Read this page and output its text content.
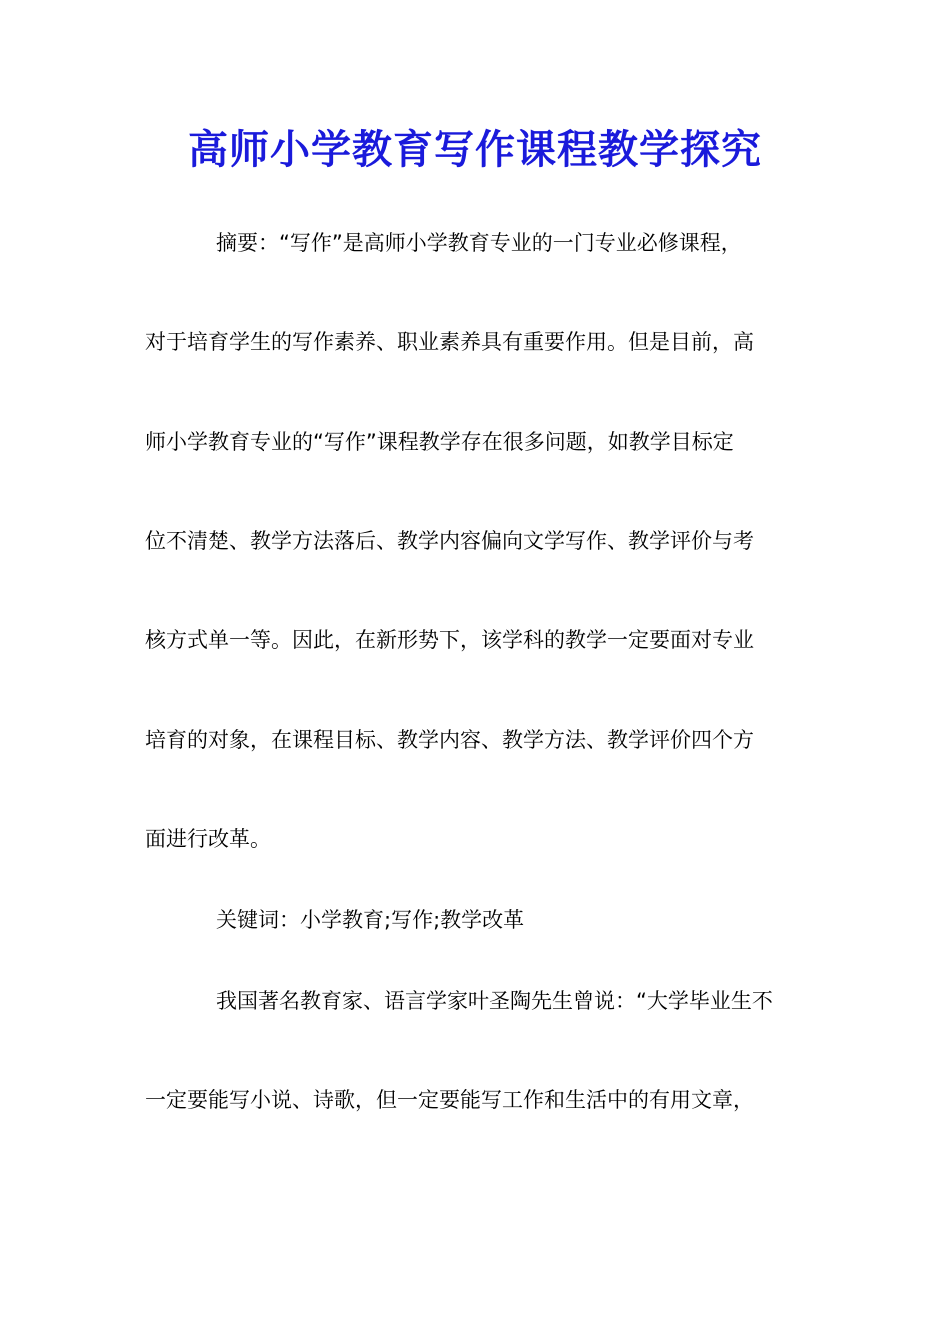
高师小学教育写作课程教学探究
摘要：“写作”是高师小学教育专业的一门专业必修课程，
对于培育学生的写作素养、职业素养具有重要作用。但是目前，高
师小学教育专业的“写作”课程教学存在很多问题，如教学目标定
位不清楚、教学方法落后、教学内容偏向文学写作、教学评价与考
核方式单一等。因此，在新形势下，该学科的教学一定要面对专业
培育的对象，在课程目标、教学内容、教学方法、教学评价四个方
面进行改革。
关键词：小学教育;写作;教学改革
我国著名教育家、语言学家叶圣陶先生曾说：“大学毕业生不
一定要能写小说、诗歌，但一定要能写工作和生活中的有用文章，
